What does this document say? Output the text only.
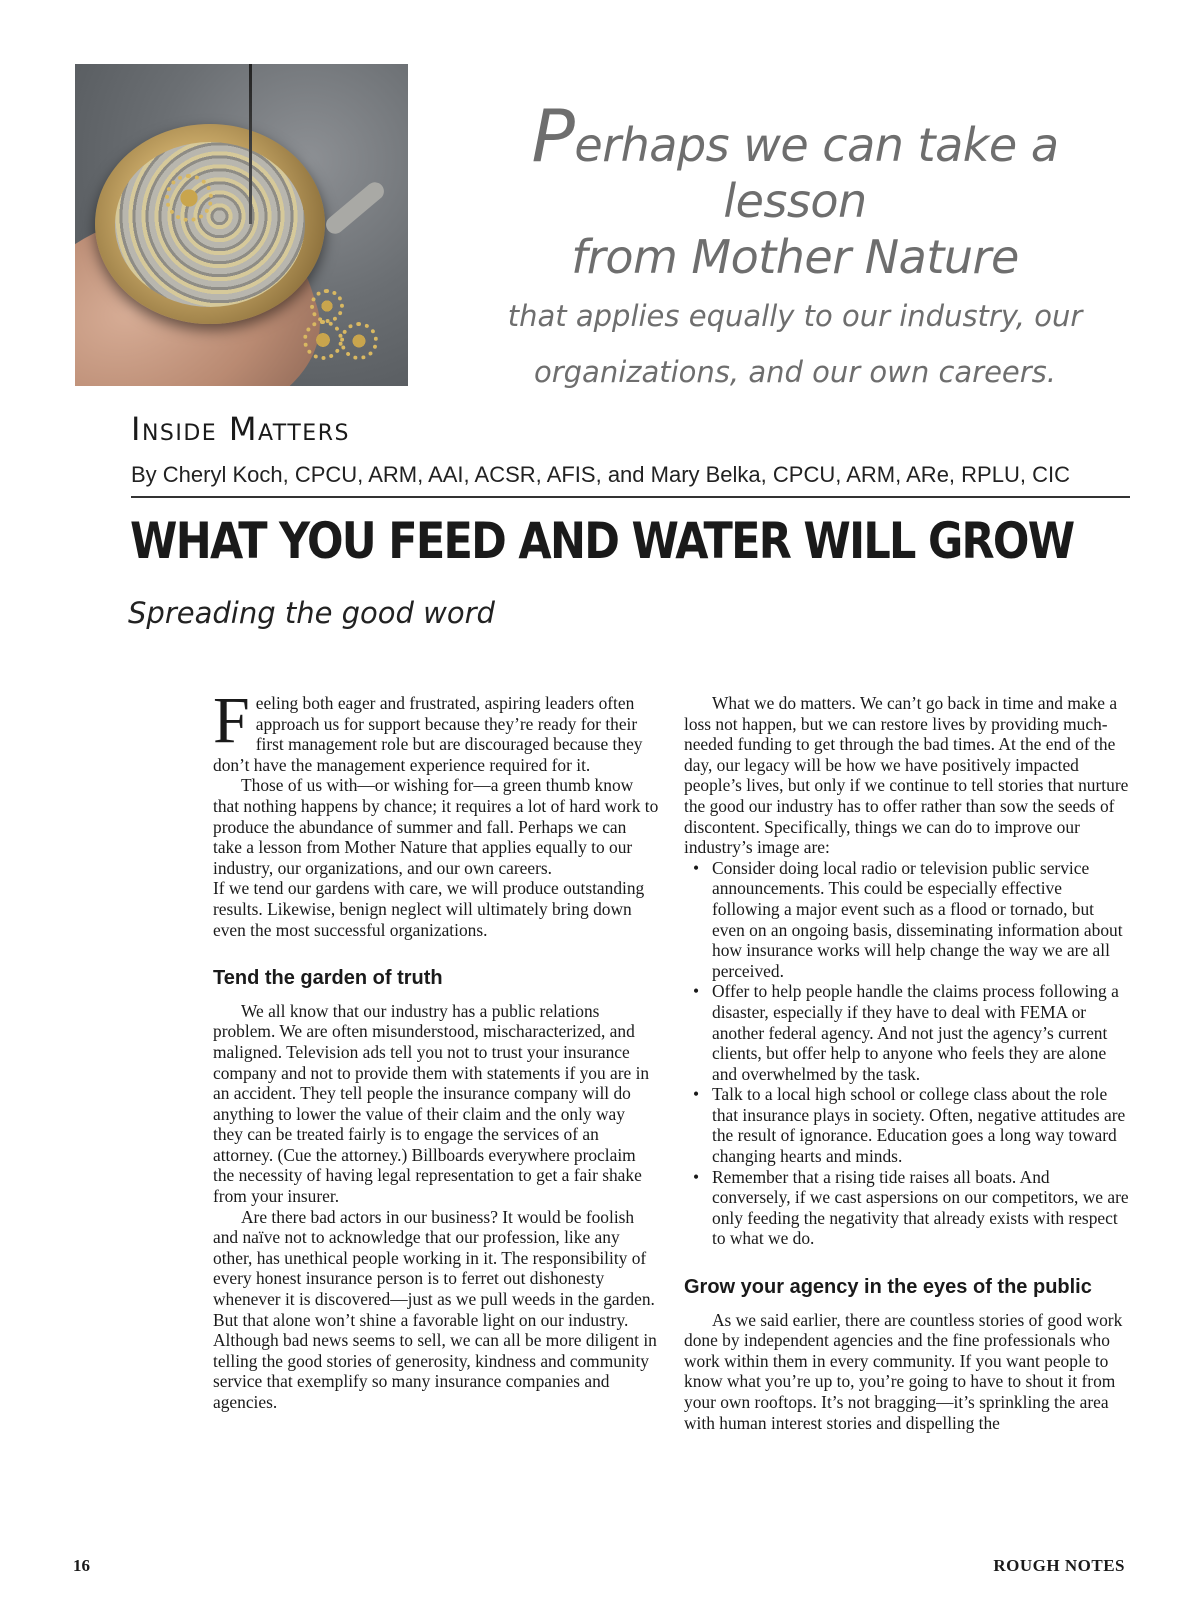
Perhaps we can take a lesson
from Mother Nature
that applies equally to our industry, our
organizations, and our own careers.
Inside Matters
By Cheryl Koch, CPCU, ARM, AAI, ACSR, AFIS, and Mary Belka, CPCU, ARM, ARe, RPLU, CIC
WHAT YOU FEED AND WATER WILL GROW
Spreading the good word

Feeling both eager and frustrated, aspiring leaders often approach us for support because they’re ready for their first management role but are discouraged because they don’t have the management experience required for it.

Those of us with—or wishing for—a green thumb know that nothing happens by chance; it requires a lot of hard work to produce the abundance of summer and fall. Perhaps we can take a lesson from Mother Nature that applies equally to our industry, our organizations, and our own careers.

If we tend our gardens with care, we will produce outstanding results. Likewise, benign neglect will ultimately bring down even the most successful organizations.

Tend the garden of truth

We all know that our industry has a public relations problem. We are often misunderstood, mischaracterized, and maligned. Television ads tell you not to trust your insurance company and not to provide them with statements if you are in an accident. They tell people the insurance company will do anything to lower the value of their claim and the only way they can be treated fairly is to engage the services of an attorney. (Cue the attorney.) Billboards everywhere proclaim the necessity of having legal representation to get a fair shake from your insurer.

Are there bad actors in our business? It would be foolish and naïve not to acknowledge that our profession, like any other, has unethical people working in it. The responsibility of every honest insurance person is to ferret out dishonesty whenever it is discovered—just as we pull weeds in the garden. But that alone won’t shine a favorable light on our industry. Although bad news seems to sell, we can all be more diligent in telling the good stories of generosity, kindness and community service that exemplify so many insurance companies and agencies.

What we do matters. We can’t go back in time and make a loss not happen, but we can restore lives by providing much-needed funding to get through the bad times. At the end of the day, our legacy will be how we have positively impacted people’s lives, but only if we continue to tell stories that nurture the good our industry has to offer rather than sow the seeds of discontent. Specifically, things we can do to improve our industry’s image are:

• Consider doing local radio or television public service announcements. This could be especially effective following a major event such as a flood or tornado, but even on an ongoing basis, disseminating information about how insurance works will help change the way we are all perceived.
• Offer to help people handle the claims process following a disaster, especially if they have to deal with FEMA or another federal agency. And not just the agency’s current clients, but offer help to anyone who feels they are alone and overwhelmed by the task.
• Talk to a local high school or college class about the role that insurance plays in society. Often, negative attitudes are the result of ignorance. Education goes a long way toward changing hearts and minds.
• Remember that a rising tide raises all boats. And conversely, if we cast aspersions on our competitors, we are only feeding the negativity that already exists with respect to what we do.
Grow your agency in the eyes of the public

As we said earlier, there are countless stories of good work done by independent agencies and the fine professionals who work within them in every community. If you want people to know what you’re up to, you’re going to have to shout it from your own rooftops. It’s not bragging—it’s sprinkling the area with human interest stories and dispelling the

16	ROUGH NOTES
